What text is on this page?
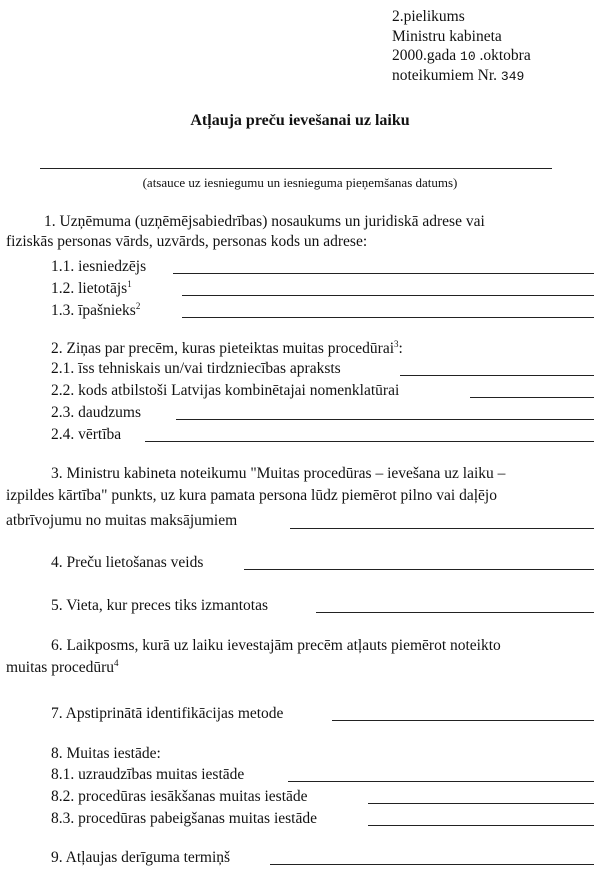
2.pielikums
Ministru kabineta
2000.gada 10 .oktobra
noteikumiem Nr. 349
Atļauja preču ievešanai uz laiku
(atsauce uz iesniegumu un iesnieguma pieņemšanas datums)
1. Uzņēmuma (uzņēmējsabiedrības) nosaukums un juridiskā adrese vai
fiziskās personas vārds, uzvārds, personas kods un adrese:
1.1. iesniedzējs
1.2. lietotājs$^1$
1.3. īpašnieks$^2$
2. Ziņas par precēm, kuras pieteiktas muitas procedūrai$^3$:
2.1. īss tehniskais un/vai tirdzniecības apraksts
2.2. kods atbilstoši Latvijas kombinētajai nomenklatūrai
2.3. daudzums
2.4. vērtība
3. Ministru kabineta noteikumu "Muitas procedūras – ievešana uz laiku –
izpildes kārtība" punkts, uz kura pamata persona lūdz piemērot pilno vai daļējo
atbrīvojumu no muitas maksājumiem
4. Preču lietošanas veids
5. Vieta, kur preces tiks izmantotas
6. Laikposms, kurā uz laiku ievestajām precēm atļauts piemērot noteikto
muitas procedūru$^4$
7. Apstiprinātā identifikācijas metode
8. Muitas iestāde:
8.1. uzraudzības muitas iestāde
8.2. procedūras iesākšanas muitas iestāde
8.3. procedūras pabeigšanas muitas iestāde
9. Atļaujas derīguma termiņš
